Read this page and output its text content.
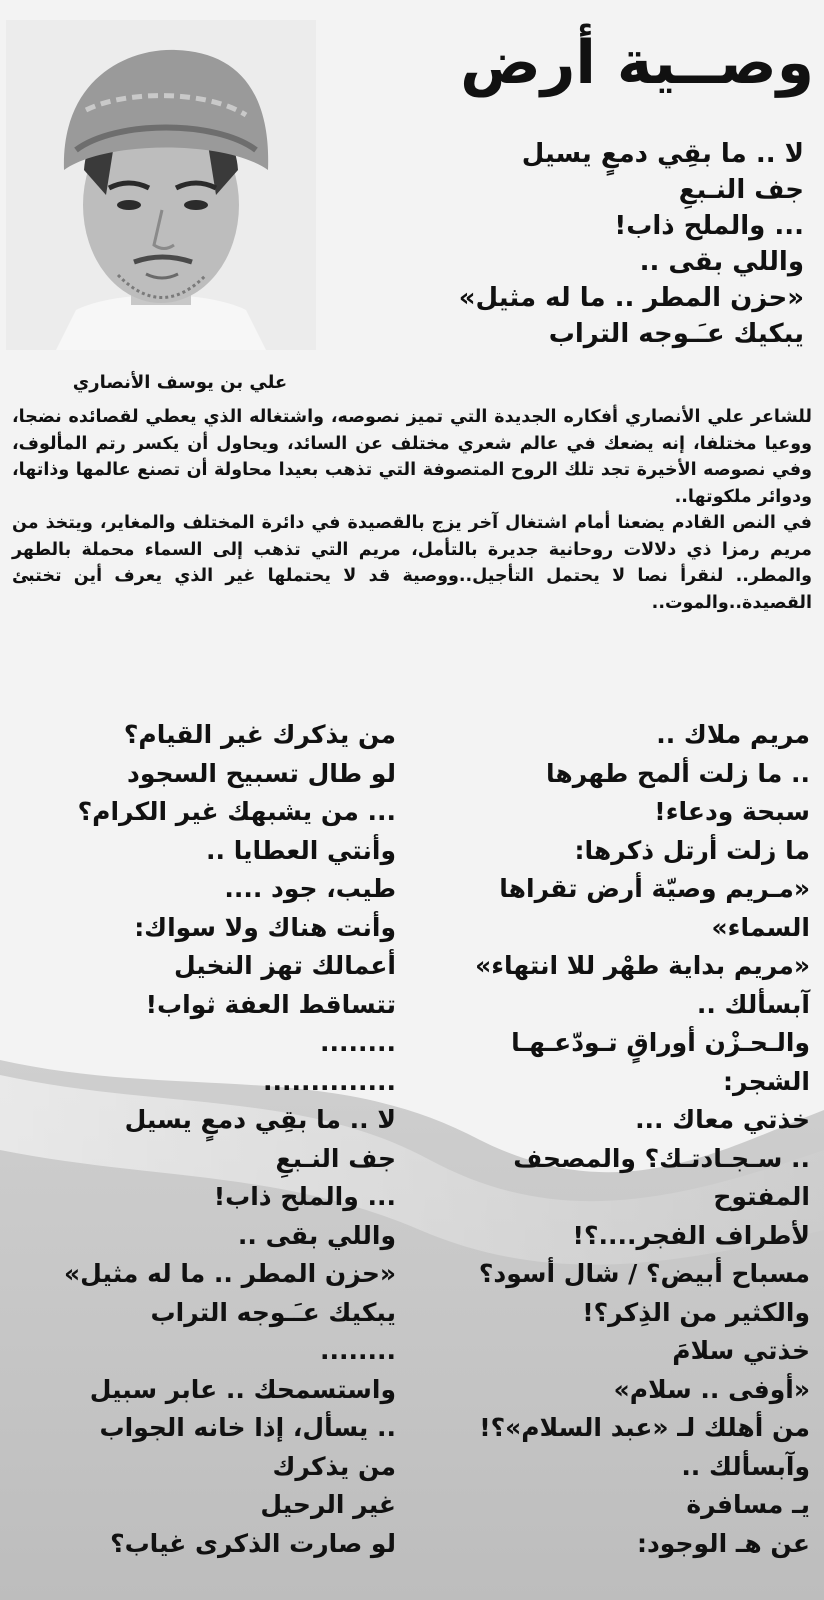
وصــية أرض
علي بن يوسف الأنصاري
لا .. ما بقِي دمعٍ يسيل
جف النـبعِ
... والملح ذاب!
واللي بقى ..
«حزن المطر .. ما له مثيل»
يبكيك عـَـوجه التراب

للشاعر علي الأنصاري أفكاره الجديدة التي تميز نصوصه، واشتغاله الذي يعطي لقصائده نضجا، ووعيا مختلفا، إنه يضعك في عالم شعري مختلف عن السائد، ويحاول أن يكسر رتم المألوف، وفي نصوصه الأخيرة تجد تلك الروح المتصوفة التي تذهب بعيدا محاولة أن تصنع عالمها وذاتها، ودوائر ملكوتها..

في النص القادم يضعنا أمام اشتغال آخر يزج بالقصيدة في دائرة المختلف والمغاير، ويتخذ من مريم رمزا ذي دلالات روحانية جديرة بالتأمل، مريم التي تذهب إلى السماء محملة بالطهر والمطر.. لنقرأ نصا لا يحتمل التأجيل..ووصية قد لا يحتملها غير الذي يعرف أين تختبئ القصيدة..والموت..

مريم ملاك ..
.. ما زلت ألمح طهرها
سبحة ودعاء!
ما زلت أرتل ذكرها:
«مـريم وصيّة أرض تقراها
السماء»
«مريم بداية طهْر للا انتهاء»
آبسألك ..
والـحـزْن أوراقٍ تـودّعـهـا
الشجر:
خذتي معاك ...
.. سـجـادتـك؟ والمصحف
المفتوح
لأطراف الفجر....؟!
مسباح أبيض؟ / شال أسود؟
والكثير من الذِكر؟!
خذتي سلامَ
«أوفى .. سلام»
من أهلك لـ «عبد السلام»؟!
وآبسألك ..
يـ مسافرة
عن هـ الوجود:
من يذكرك غير القيام؟
لو طال تسبيح السجود
... من يشبهك غير الكرام؟
وأنتي العطايا ..
طيب، جود ....
وأنت هناك ولا سواك:
أعمالك تهز النخيل
تتساقط العفة ثواب!
........
..............
لا .. ما بقِي دمعٍ يسيل
جف النـبعِ
... والملح ذاب!
واللي بقى ..
«حزن المطر .. ما له مثيل»
يبكيك عـَـوجه التراب
........
واستسمحك .. عابر سبيل
.. يسأل، إذا خانه الجواب
من يذكرك
غير الرحيل
لو صارت الذكرى غياب؟
